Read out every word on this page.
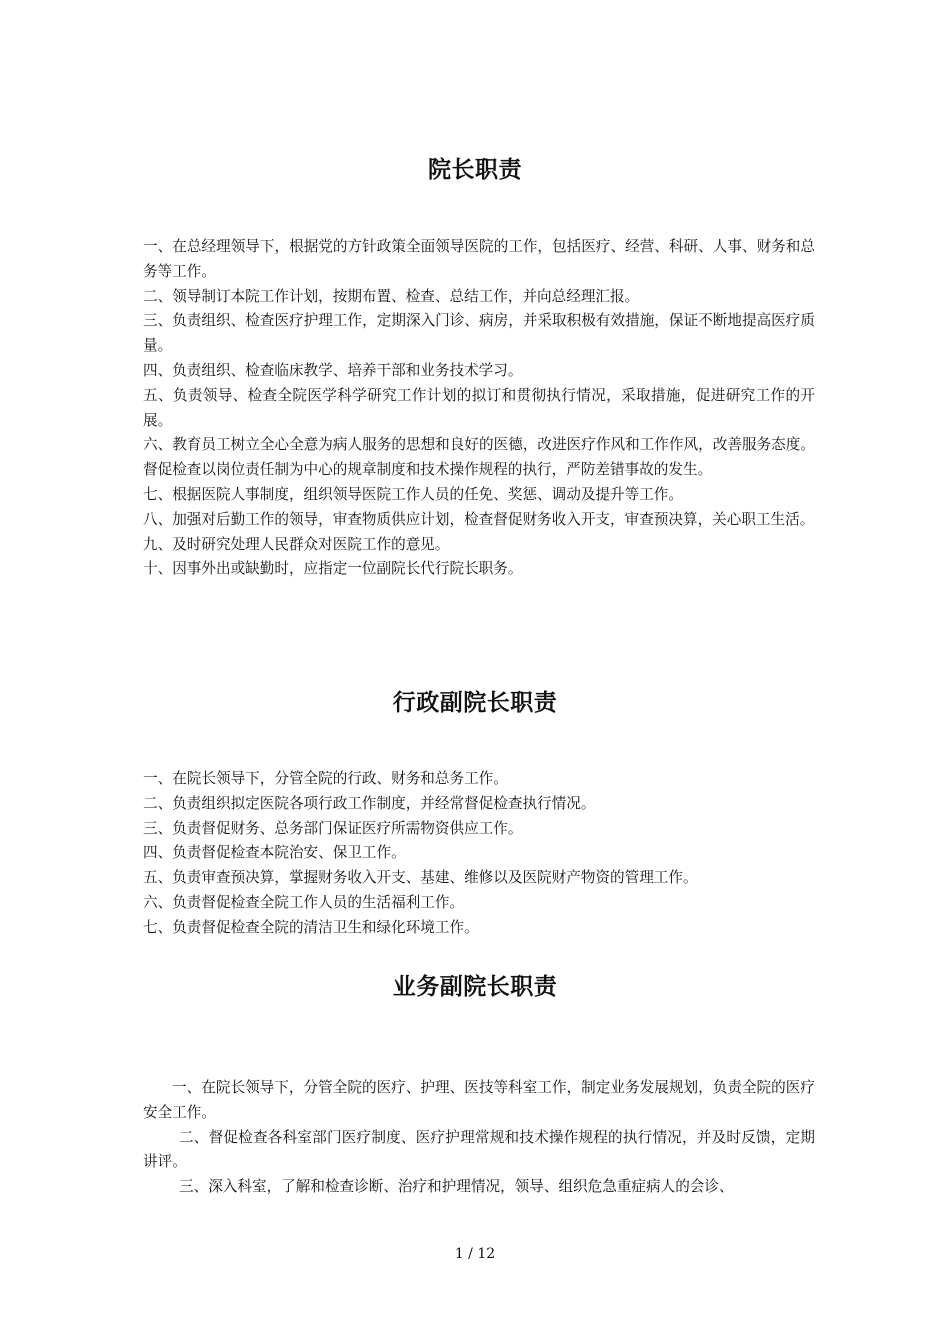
院长职责

一、在总经理领导下，根据党的方针政策全面领导医院的工作，包括医疗、经营、科研、人事、财务和总务等工作。

二、领导制订本院工作计划，按期布置、检查、总结工作，并向总经理汇报。

三、负责组织、检查医疗护理工作，定期深入门诊、病房，并采取积极有效措施，保证不断地提高医疗质量。

四、负责组织、检查临床教学、培养干部和业务技术学习。

五、负责领导、检查全院医学科学研究工作计划的拟订和贯彻执行情况，采取措施，促进研究工作的开展。

六、教育员工树立全心全意为病人服务的思想和良好的医德，改进医疗作风和工作作风，改善服务态度。督促检查以岗位责任制为中心的规章制度和技术操作规程的执行，严防差错事故的发生。

七、根据医院人事制度，组织领导医院工作人员的任免、奖惩、调动及提升等工作。

八、加强对后勤工作的领导，审查物质供应计划，检查督促财务收入开支，审查预决算，关心职工生活。

九、及时研究处理人民群众对医院工作的意见。

十、因事外出或缺勤时，应指定一位副院长代行院长职务。

行政副院长职责

一、在院长领导下，分管全院的行政、财务和总务工作。

二、负责组织拟定医院各项行政工作制度，并经常督促检查执行情况。

三、负责督促财务、总务部门保证医疗所需物资供应工作。

四、负责督促检查本院治安、保卫工作。

五、负责审查预决算，掌握财务收入开支、基建、维修以及医院财产物资的管理工作。

六、负责督促检查全院工作人员的生活福利工作。

七、负责督促检查全院的清洁卫生和绿化环境工作。

业务副院长职责

一、在院长领导下，分管全院的医疗、护理、医技等科室工作，制定业务发展规划，负责全院的医疗安全工作。

二、督促检查各科室部门医疗制度、医疗护理常规和技术操作规程的执行情况，并及时反馈，定期讲评。

三、深入科室，了解和检查诊断、治疗和护理情况，领导、组织危急重症病人的会诊、

1 / 12
